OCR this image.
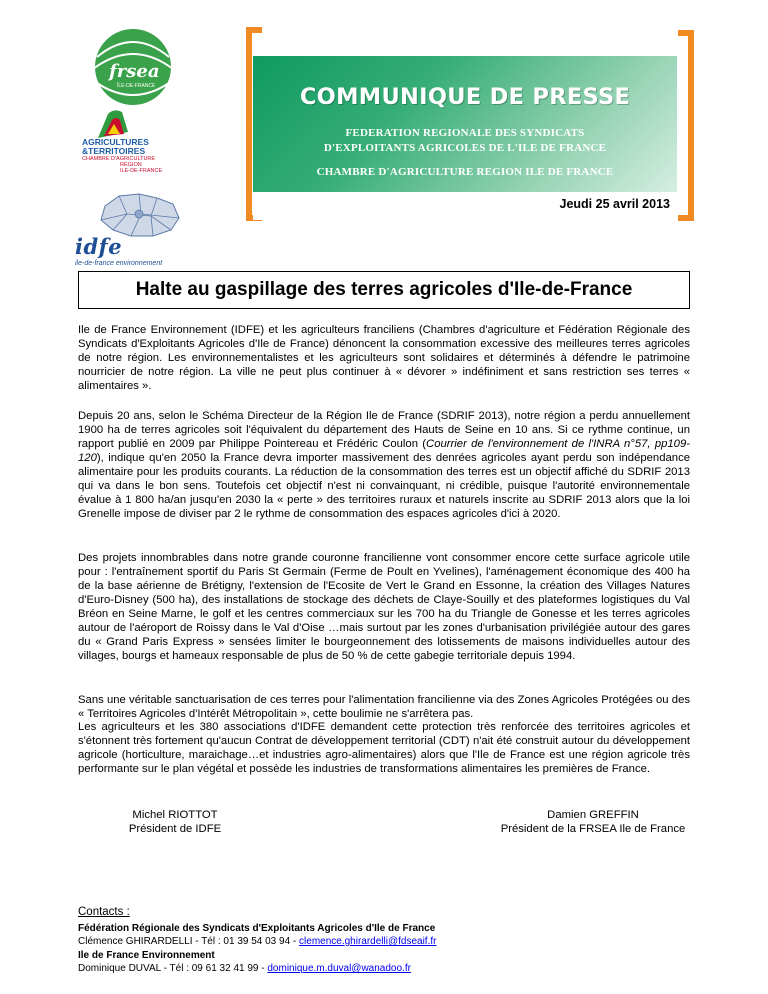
frsea
ÎLE-DE-FRANCE
AGRICULTURES
&TERRITOIRES
CHAMBRE D'AGRICULTURE
RÉGION
ILE-DE-FRANCE
idfe
ile-de-france environnement
COMMUNIQUE DE PRESSE
FEDERATION REGIONALE DES SYNDICATS
D'EXPLOITANTS AGRICOLES DE L'ILE DE FRANCE
CHAMBRE D'AGRICULTURE REGION ILE DE FRANCE
Jeudi 25 avril 2013
Halte au gaspillage des terres agricoles d'Ile-de-France

Ile de France Environnement (IDFE) et les agriculteurs franciliens (Chambres d'agriculture et Fédération Régionale des Syndicats d'Exploitants Agricoles d'Ile de France) dénoncent la consommation excessive des meilleures terres agricoles de notre région. Les environnementalistes et les agriculteurs sont solidaires et déterminés à défendre le patrimoine nourricier de notre région. La ville ne peut plus continuer à « dévorer » indéfiniment et sans restriction ses terres « alimentaires ».

Depuis 20 ans, selon le Schéma Directeur de la Région Ile de France (SDRIF 2013), notre région a perdu annuellement 1900 ha de terres agricoles soit l'équivalent du département des Hauts de Seine en 10 ans. Si ce rythme continue, un rapport publié en 2009 par Philippe Pointereau et Frédéric Coulon (Courrier de l'environnement de l'INRA n°57, pp109-120), indique qu'en 2050 la France devra importer massivement des denrées agricoles ayant perdu son indépendance alimentaire pour les produits courants. La réduction de la consommation des terres est un objectif affiché du SDRIF 2013 qui va dans le bon sens. Toutefois cet objectif n'est ni convainquant, ni crédible, puisque l'autorité environnementale évalue à 1 800 ha/an jusqu'en 2030 la « perte » des territoires ruraux et naturels inscrite au SDRIF 2013 alors que la loi Grenelle impose de diviser par 2 le rythme de consommation des espaces agricoles d'ici à 2020.

Des projets innombrables dans notre grande couronne francilienne vont consommer encore cette surface agricole utile pour : l'entraînement sportif du Paris St Germain (Ferme de Poult en Yvelines), l'aménagement économique des 400 ha de la base aérienne de Brétigny, l'extension de l'Ecosite de Vert le Grand en Essonne, la création des Villages Natures d'Euro-Disney (500 ha), des installations de stockage des déchets de Claye-Souilly et des plateformes logistiques du Val Bréon en Seine Marne, le golf et les centres commerciaux sur les 700 ha du Triangle de Gonesse et les terres agricoles autour de l'aéroport de Roissy dans le Val d'Oise …mais surtout par les zones d'urbanisation privilégiée autour des gares du « Grand Paris Express » sensées limiter le bourgeonnement des lotissements de maisons individuelles autour des villages, bourgs et hameaux responsable de plus de 50 % de cette gabegie territoriale depuis 1994.

Sans une véritable sanctuarisation de ces terres pour l'alimentation francilienne via des Zones Agricoles Protégées ou des « Territoires Agricoles d'Intérêt Métropolitain », cette boulimie ne s'arrêtera pas.

Les agriculteurs et les 380 associations d'IDFE demandent cette protection très renforcée des territoires agricoles et s'étonnent très fortement qu'aucun Contrat de développement territorial (CDT) n'ait été construit autour du développement agricole (horticulture, maraichage…et industries agro-alimentaires) alors que l'Ile de France est une région agricole très performante sur le plan végétal et possède les industries de transformations alimentaires les premières de France.

Michel RIOTTOT
Président de IDFE
Damien GREFFIN
Président de la FRSEA Ile de France
Contacts :
Fédération Régionale des Syndicats d'Exploitants Agricoles d'Ile de France
Clémence GHIRARDELLI - Tél : 01 39 54 03 94 - clemence.ghirardelli@fdseaif.fr
Ile de France Environnement
Dominique DUVAL - Tél : 09 61 32 41 99 - dominique.m.duval@wanadoo.fr
